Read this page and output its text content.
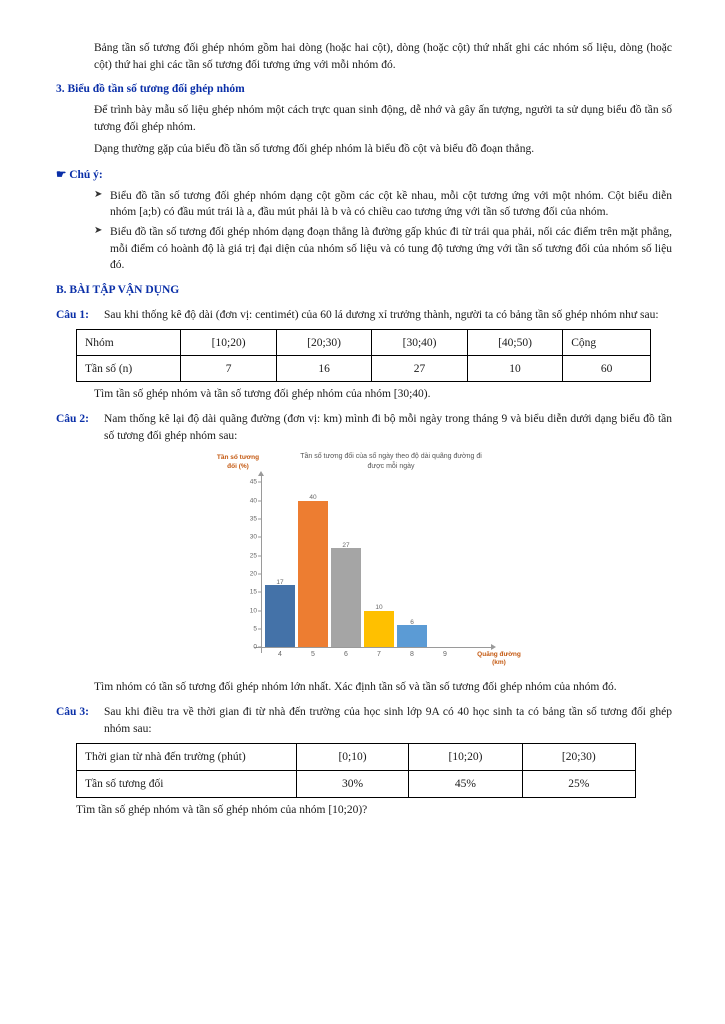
Bảng tần số tương đối ghép nhóm gồm hai dòng (hoặc hai cột), dòng (hoặc cột) thứ nhất ghi các nhóm số liệu, dòng (hoặc cột) thứ hai ghi các tần số tương đối tương ứng với mỗi nhóm đó.

3. Biểu đồ tần số tương đối ghép nhóm

Để trình bày mẫu số liệu ghép nhóm một cách trực quan sinh động, dễ nhớ và gây ấn tượng, người ta sử dụng biểu đồ tần số tương đối ghép nhóm.

Dạng thường gặp của biểu đồ tần số tương đối ghép nhóm là biểu đồ cột và biểu đồ đoạn thẳng.

☛ Chú ý:

➤ Biểu đồ tần số tương đối ghép nhóm dạng cột gồm các cột kề nhau, mỗi cột tương ứng với một nhóm. Cột biểu diễn nhóm [a;b) có đầu mút trái là a, đầu mút phải là b và có chiều cao tương ứng với tần số tương đối của nhóm.
➤ Biểu đồ tần số tương đối ghép nhóm dạng đoạn thẳng là đường gấp khúc đi từ trái qua phải, nối các điểm trên mặt phẳng, mỗi điểm có hoành độ là giá trị đại diện của nhóm số liệu và có tung độ tương ứng với tần số tương đối của nhóm số liệu đó.

B. BÀI TẬP VẬN DỤNG

Câu 1:	Sau khi thống kê độ dài (đơn vị: centimét) của 60 lá dương xỉ trưởng thành, người ta có bảng tần số ghép nhóm như sau:
Nhóm	[10;20)	[20;30)	[30;40)	[40;50)	Cộng
Tần số (n)	7	16	27	10	60

Tìm tần số ghép nhóm và tần số tương đối ghép nhóm của nhóm [30;40).

Câu 2:	Nam thống kê lại độ dài quãng đường (đơn vị: km) mình đi bộ mỗi ngày trong tháng 9 và biểu diễn dưới dạng biểu đồ tần số tương đối ghép nhóm sau:
Tần số tương đối (%)
Tần số tương đối của số ngày theo độ dài quãng đường đi được mỗi ngày
Quãng đường (km)
0
5
10
15
20
25
30
35
40
45
17
40
27
10
6
4	5	6	7	8	9

Tìm nhóm có tần số tương đối ghép nhóm lớn nhất. Xác định tần số và tần số tương đối ghép nhóm của nhóm đó.

Câu 3:	Sau khi điều tra về thời gian đi từ nhà đến trường của học sinh lớp 9A có 40 học sinh ta có bảng tần số tương đối ghép nhóm sau:
Thời gian từ nhà đến trường (phút)	[0;10)	[10;20)	[20;30)
Tần số tương đối	30%	45%	25%

Tìm tần số ghép nhóm và tần số ghép nhóm của nhóm [10;20)?
